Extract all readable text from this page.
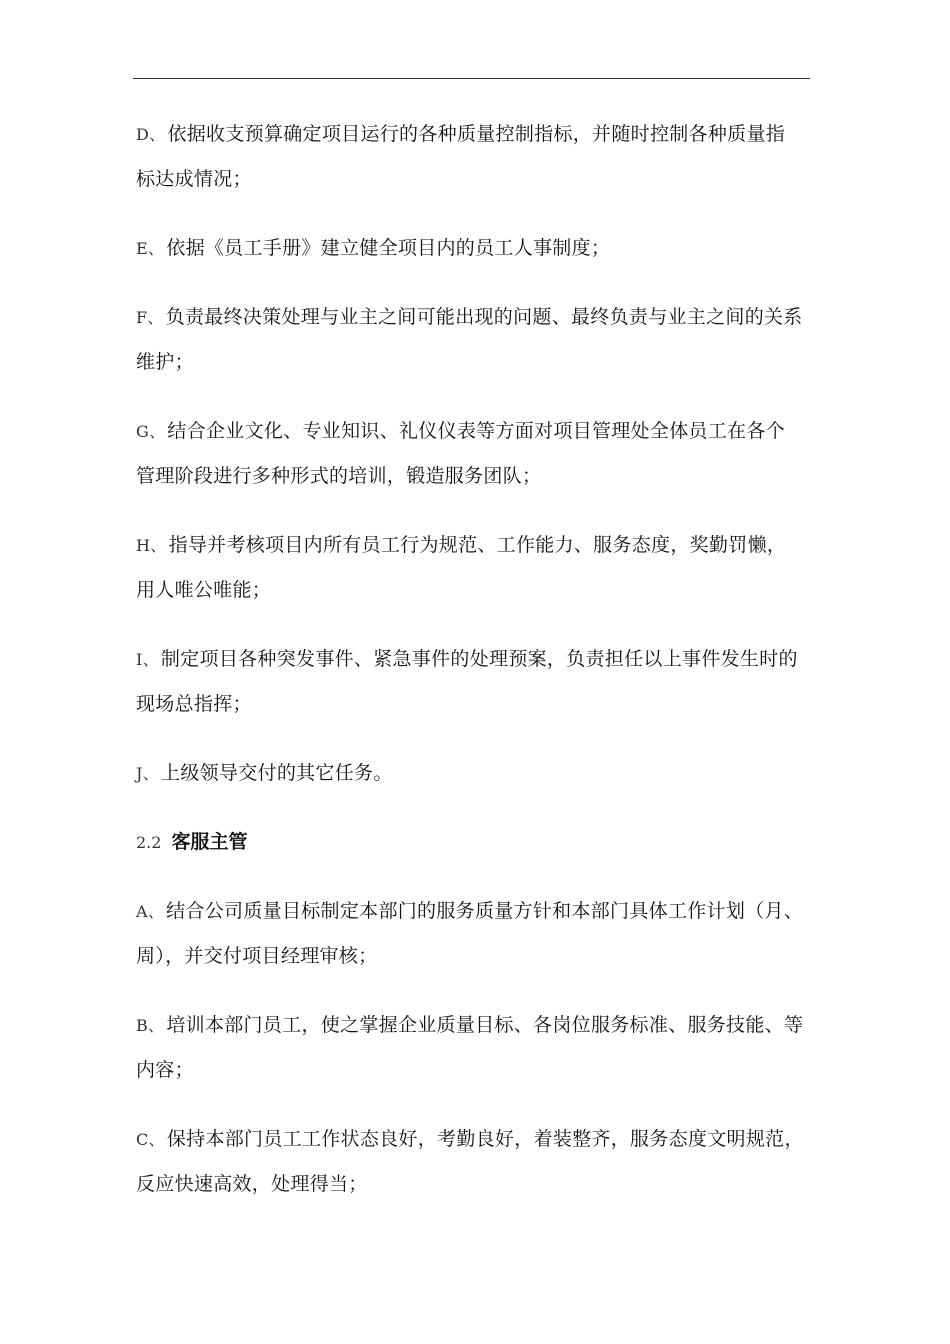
D、 依据收支预算确定项目运行的各种质量控制指标，并随时控制各种质量指标达成情况；

E、 依据《员工手册》建立健全项目内的员工人事制度；

F、 负责最终决策处理与业主之间可能出现的问题、最终负责与业主之间的关系维护；

G、 结合企业文化、专业知识、礼仪仪表等方面对项目管理处全体员工在各个管理阶段进行多种形式的培训，锻造服务团队；

H、 指导并考核项目内所有员工行为规范、工作能力、服务态度，奖勤罚懒，用人唯公唯能；

I、 制定项目各种突发事件、紧急事件的处理预案，负责担任以上事件发生时的现场总指挥；

J、 上级领导交付的其它任务。

2.2 客服主管

A、 结合公司质量目标制定本部门的服务质量方针和本部门具体工作计划（月、周），并交付项目经理审核；

B、 培训本部门员工，使之掌握企业质量目标、各岗位服务标准、服务技能、等内容；

C、 保持本部门员工工作状态良好，考勤良好，着装整齐，服务态度文明规范，反应快速高效，处理得当；
